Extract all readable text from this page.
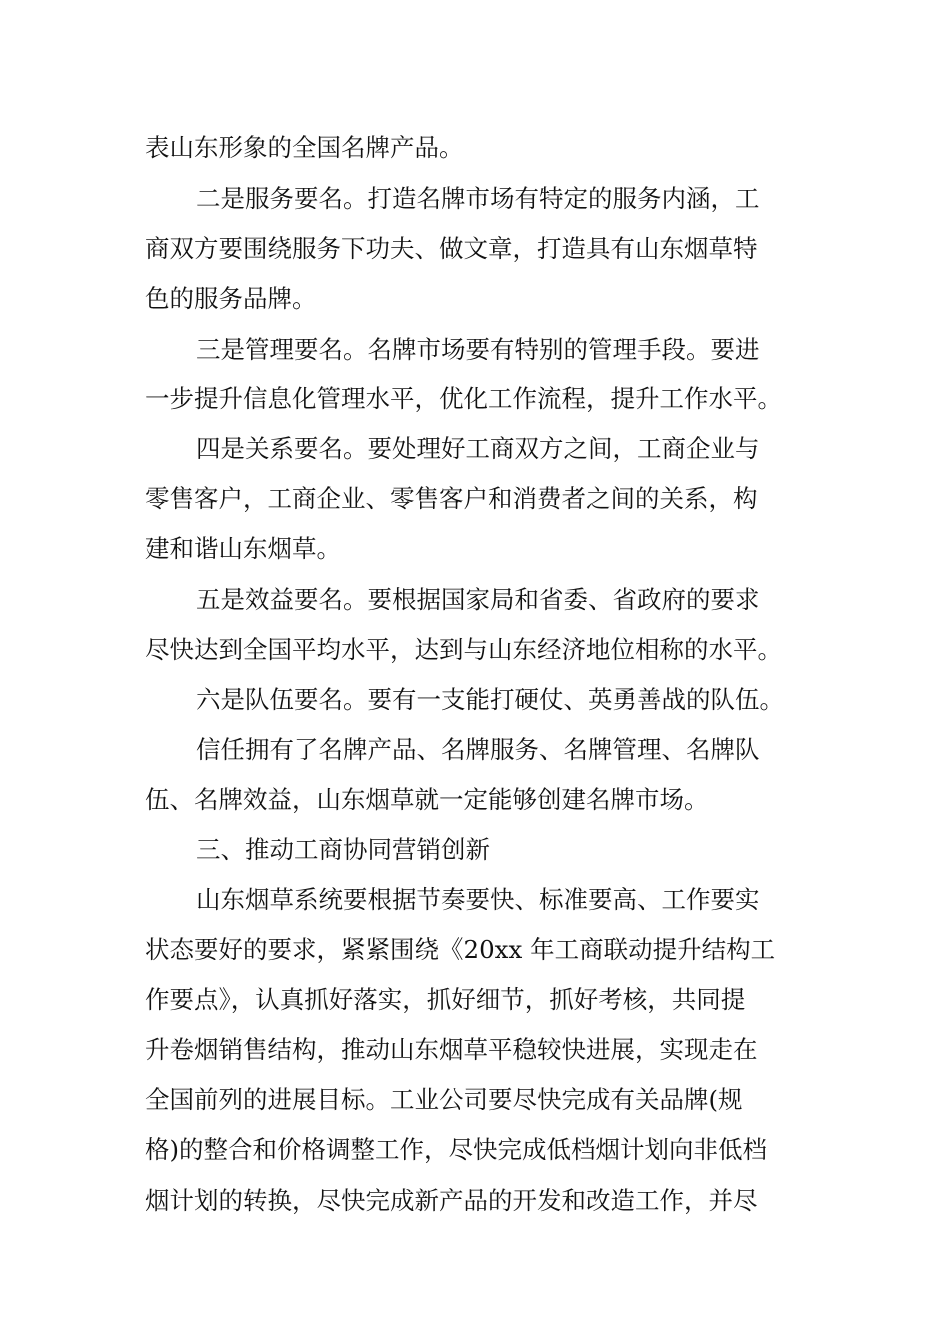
表山东形象的全国名牌产品。
二是服务要名。打造名牌市场有特定的服务内涵，工
商双方要围绕服务下功夫、做文章，打造具有山东烟草特
色的服务品牌。
三是管理要名。名牌市场要有特别的管理手段。要进
一步提升信息化管理水平，优化工作流程，提升工作水平。
四是关系要名。要处理好工商双方之间，工商企业与
零售客户，工商企业、零售客户和消费者之间的关系，构
建和谐山东烟草。
五是效益要名。要根据国家局和省委、省政府的要求
尽快达到全国平均水平，达到与山东经济地位相称的水平。
六是队伍要名。要有一支能打硬仗、英勇善战的队伍。
信任拥有了名牌产品、名牌服务、名牌管理、名牌队
伍、名牌效益，山东烟草就一定能够创建名牌市场。
三、推动工商协同营销创新
山东烟草系统要根据节奏要快、标准要高、工作要实
状态要好的要求，紧紧围绕《20xx 年工商联动提升结构工
作要点》，认真抓好落实，抓好细节，抓好考核，共同提
升卷烟销售结构，推动山东烟草平稳较快进展，实现走在
全国前列的进展目标。工业公司要尽快完成有关品牌(规
格)的整合和价格调整工作，尽快完成低档烟计划向非低档
烟计划的转换，尽快完成新产品的开发和改造工作，并尽
